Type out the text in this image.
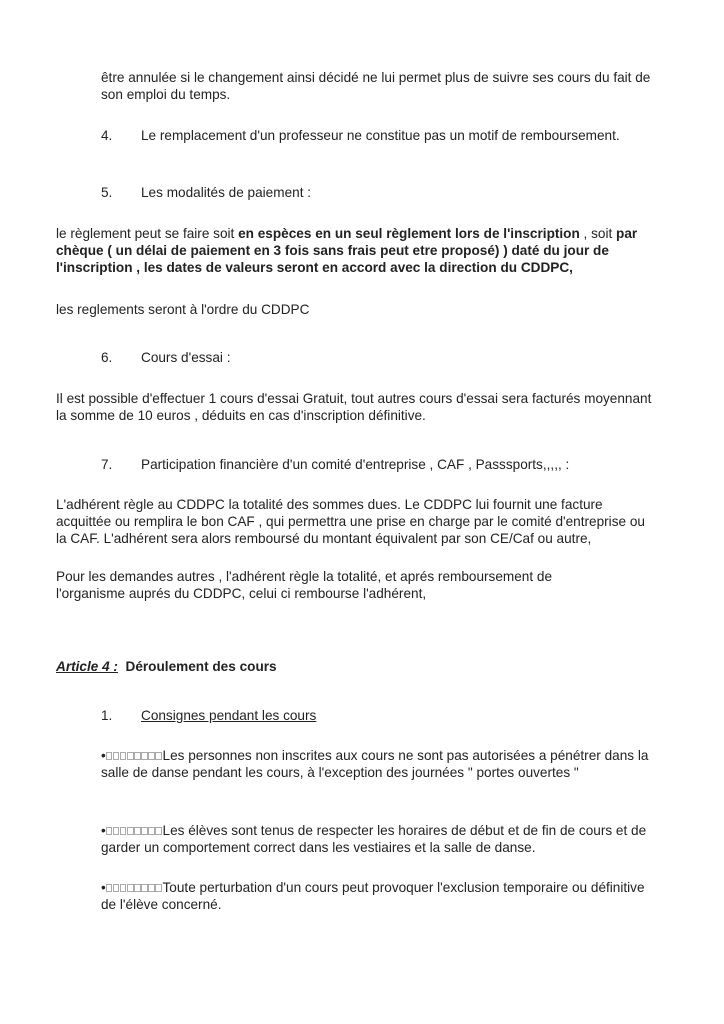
être annulée si le changement ainsi décidé ne lui permet plus de suivre ses cours du fait de son emploi du temps.

4. Le remplacement d'un professeur ne constitue pas un motif de remboursement.

5. Les modalités de paiement :

le règlement peut se faire soit en espèces en un seul règlement lors de l'inscription , soit par chèque ( un délai de paiement en 3 fois sans frais peut etre proposé) ) daté du jour de l'inscription , les dates de valeurs seront en accord avec la direction du CDDPC,

les reglements seront à l'ordre du CDDPC

6. Cours d'essai :

Il est possible d'effectuer 1 cours d'essai Gratuit, tout autres cours d'essai sera facturés moyennant la somme de 10 euros , déduits en cas d'inscription définitive.

7. Participation financière d'un comité d'entreprise , CAF , Passsports,,,,, :

L'adhérent règle au CDDPC la totalité des sommes dues. Le CDDPC lui fournit une facture acquittée ou remplira le bon CAF , qui permettra une prise en charge par le comité d'entreprise ou la CAF. L'adhérent sera alors remboursé du montant équivalent par son CE/Caf ou autre,

Pour les demandes autres , l'adhérent règle la totalité, et aprés remboursement de l'organisme auprés du CDDPC, celui ci rembourse l'adhérent,

Article 4 : Déroulement des cours

1. Consignes pendant les cours

•	Les personnes non inscrites aux cours ne sont pas autorisées a pénétrer dans la salle de danse pendant les cours, à l'exception des journées " portes ouvertes "

•	Les élèves sont tenus de respecter les horaires de début et de fin de cours et de garder un comportement correct dans les vestiaires et la salle de danse.

•	Toute perturbation d'un cours peut provoquer l'exclusion temporaire ou définitive de l'élève concerné.
